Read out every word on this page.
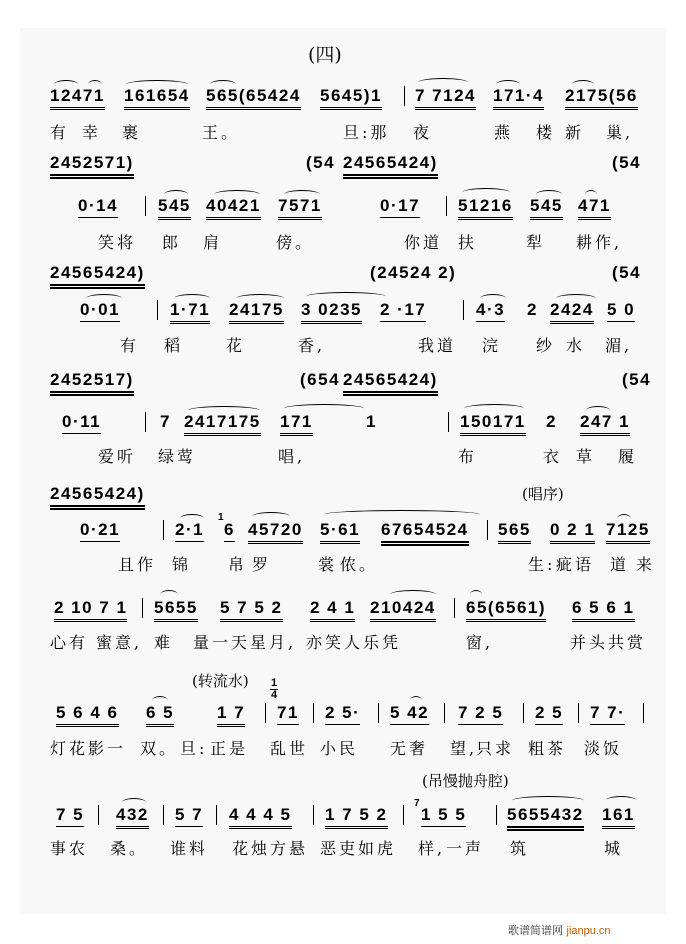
(四)
12471 161654 565(65424 5645)1 7 7124 171·4 2175(56
有 幸 裹	王。	旦:那 夜	燕 楼 新 巢,
2452571)	(54 24565424)	(54
0·14 545 40421 7571	0·17 51216 545 471
笑将 郎 肩	傍。	你道 扶	犁 耕作,
24565424)	(24524 2)	(54
0·01	1·71 24175 3 0235 2 ·17	4·3 2 2424 5 0
有 稻	花	香,	我道 浣 纱 水 湄,
2452517)	(654 24565424)	(54
0·11	7 2417175 171	1	150171 2 247 1
爱听 绿莺	唱,	布	衣 草 履
24565424)	(唱序)
0·21	2·1
1
6 45720 5·61 67654524 565 0 2 1 7125
且作 锦 帛 罗	裳 侬。	生: 疵语 道 来
2 10 7 1 5655 5 7 5 2 2 4 1 210424 65(6561) 6 5 6 1
心有 蜜意, 难 量一天星月, 亦笑人乐凭	窗,	并头共赏
(转流水) $\frac{1}{4}$
5 6 4 6 6 5	1 7 71 2 5· 5 42 7 2 5 2 5 7 7·
灯花影一 双。 旦: 正是 乱世 小民 无奢 望,
只求 粗茶 淡饭
(吊慢抛舟腔)
7 5 432 5 7 4 4 4 5 1 7 5 2
7
1 5 5 5655432 161
事农 桑。 谁料 花烛方悬 恶吏如虎 样, 一声 筑	城
歌谱简谱网 jianpu.cn
